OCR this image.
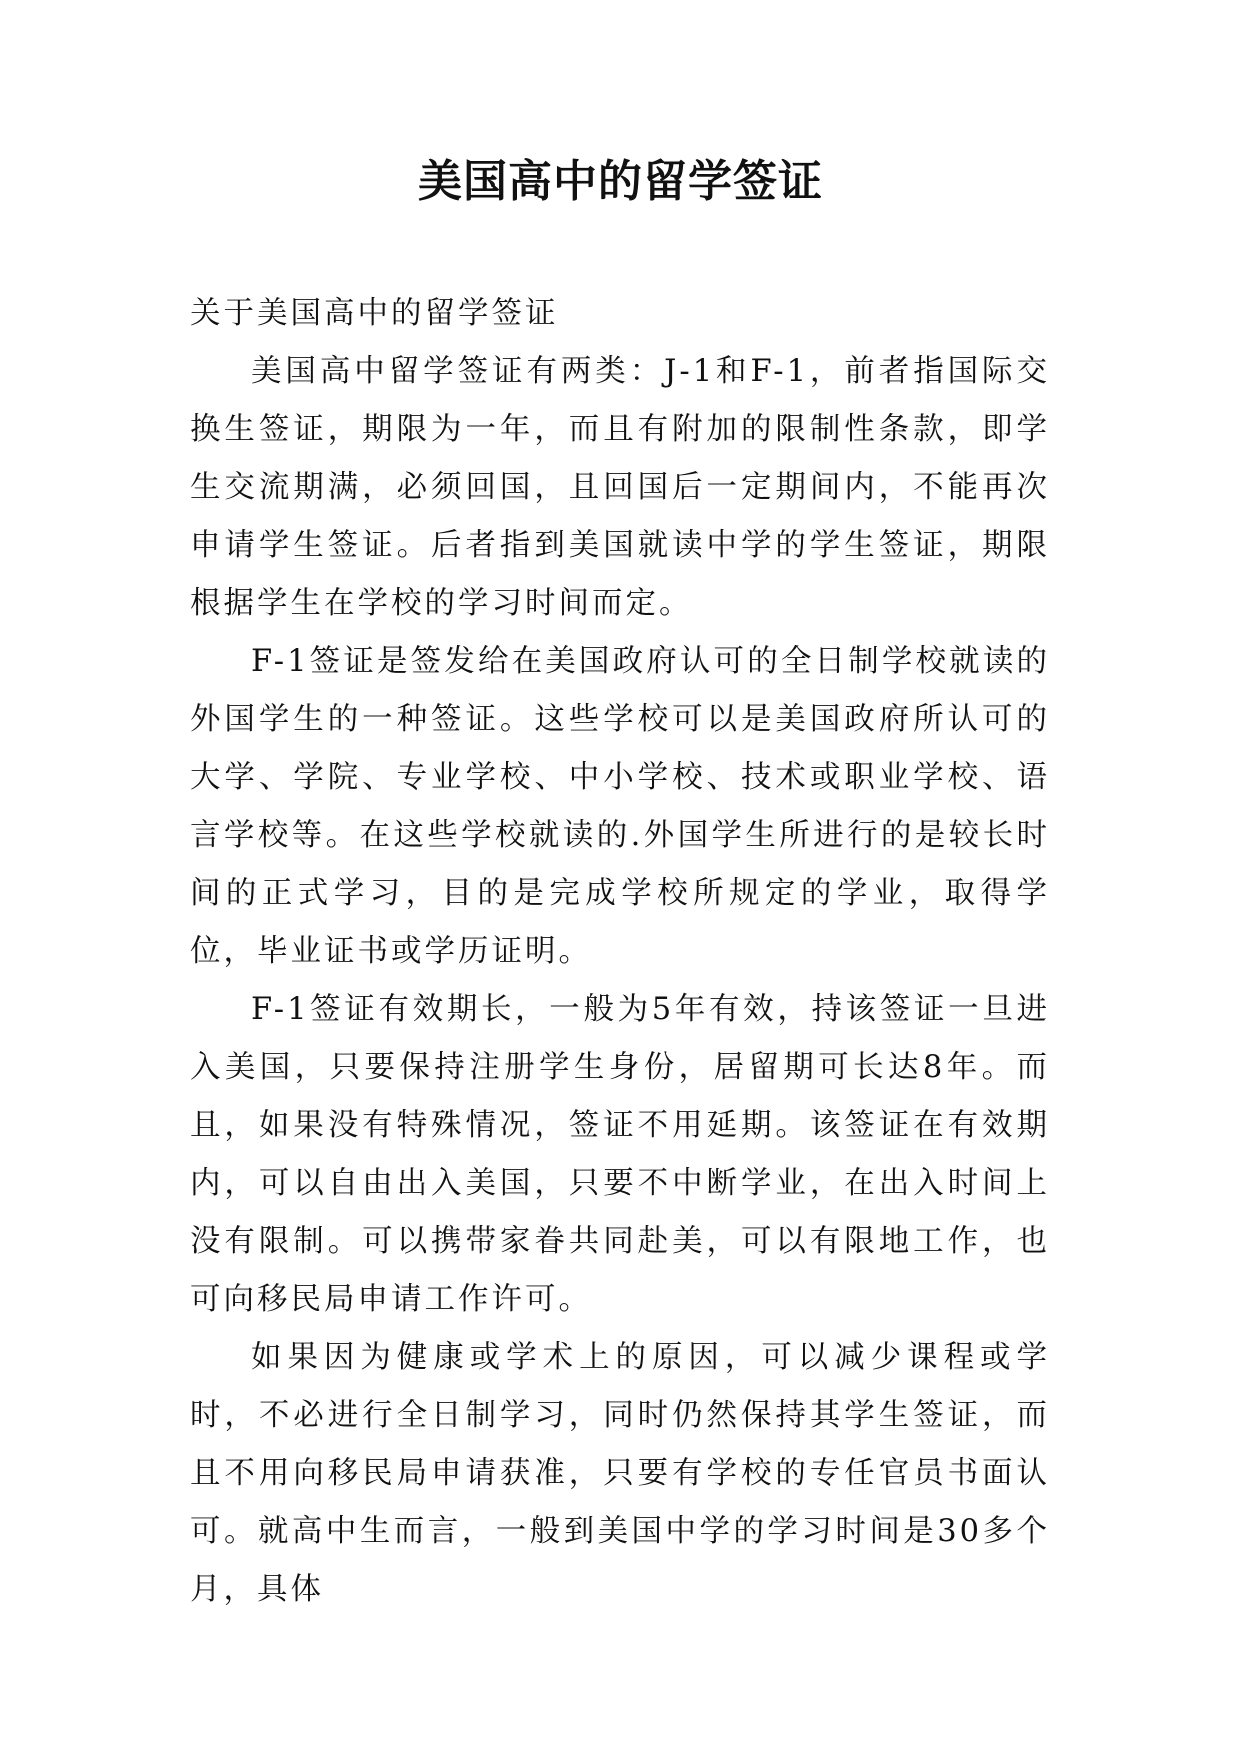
美国高中的留学签证

关于美国高中的留学签证

美国高中留学签证有两类：J-1和F-1，前者指国际交换生签证，期限为一年，而且有附加的限制性条款，即学生交流期满，必须回国，且回国后一定期间内，不能再次申请学生签证。后者指到美国就读中学的学生签证，期限根据学生在学校的学习时间而定。

F-1签证是签发给在美国政府认可的全日制学校就读的外国学生的一种签证。这些学校可以是美国政府所认可的大学、学院、专业学校、中小学校、技术或职业学校、语言学校等。在这些学校就读的.外国学生所进行的是较长时间的正式学习，目的是完成学校所规定的学业，取得学位，毕业证书或学历证明。

F-1签证有效期长，一般为5年有效，持该签证一旦进入美国，只要保持注册学生身份，居留期可长达8年。而且，如果没有特殊情况，签证不用延期。该签证在有效期内，可以自由出入美国，只要不中断学业，在出入时间上没有限制。可以携带家眷共同赴美，可以有限地工作，也可向移民局申请工作许可。

如果因为健康或学术上的原因，可以减少课程或学时，不必进行全日制学习，同时仍然保持其学生签证，而且不用向移民局申请获准，只要有学校的专任官员书面认可。就高中生而言，一般到美国中学的学习时间是30多个月，具体
